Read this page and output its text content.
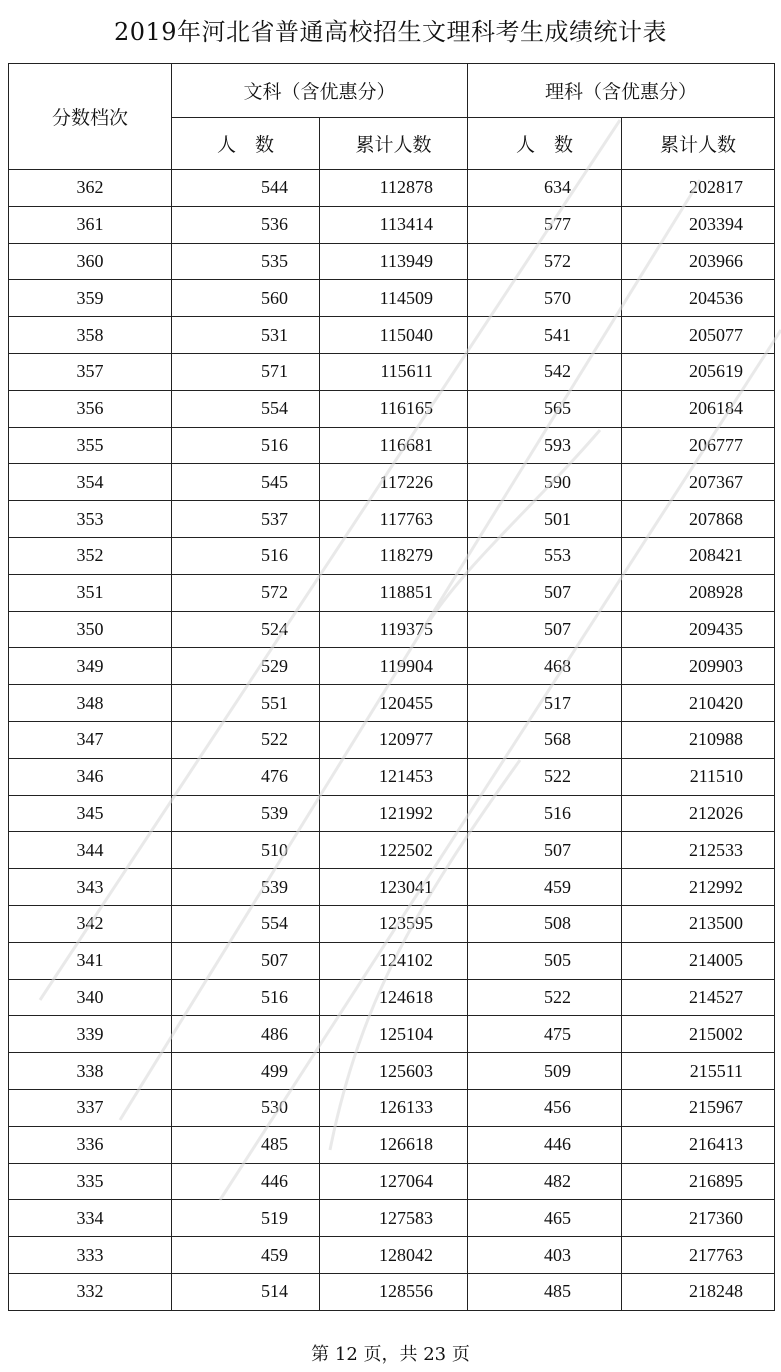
2019年河北省普通高校招生文理科考生成绩统计表
分数档次	文科（含优惠分）		理科（含优惠分）	
	人　数	累计人数	人　数	累计人数
362	544	112878	634	202817
361	536	113414	577	203394
360	535	113949	572	203966
359	560	114509	570	204536
358	531	115040	541	205077
357	571	115611	542	205619
356	554	116165	565	206184
355	516	116681	593	206777
354	545	117226	590	207367
353	537	117763	501	207868
352	516	118279	553	208421
351	572	118851	507	208928
350	524	119375	507	209435
349	529	119904	468	209903
348	551	120455	517	210420
347	522	120977	568	210988
346	476	121453	522	211510
345	539	121992	516	212026
344	510	122502	507	212533
343	539	123041	459	212992
342	554	123595	508	213500
341	507	124102	505	214005
340	516	124618	522	214527
339	486	125104	475	215002
338	499	125603	509	215511
337	530	126133	456	215967
336	485	126618	446	216413
335	446	127064	482	216895
334	519	127583	465	217360
333	459	128042	403	217763
332	514	128556	485	218248
第 12 页，共 23 页
